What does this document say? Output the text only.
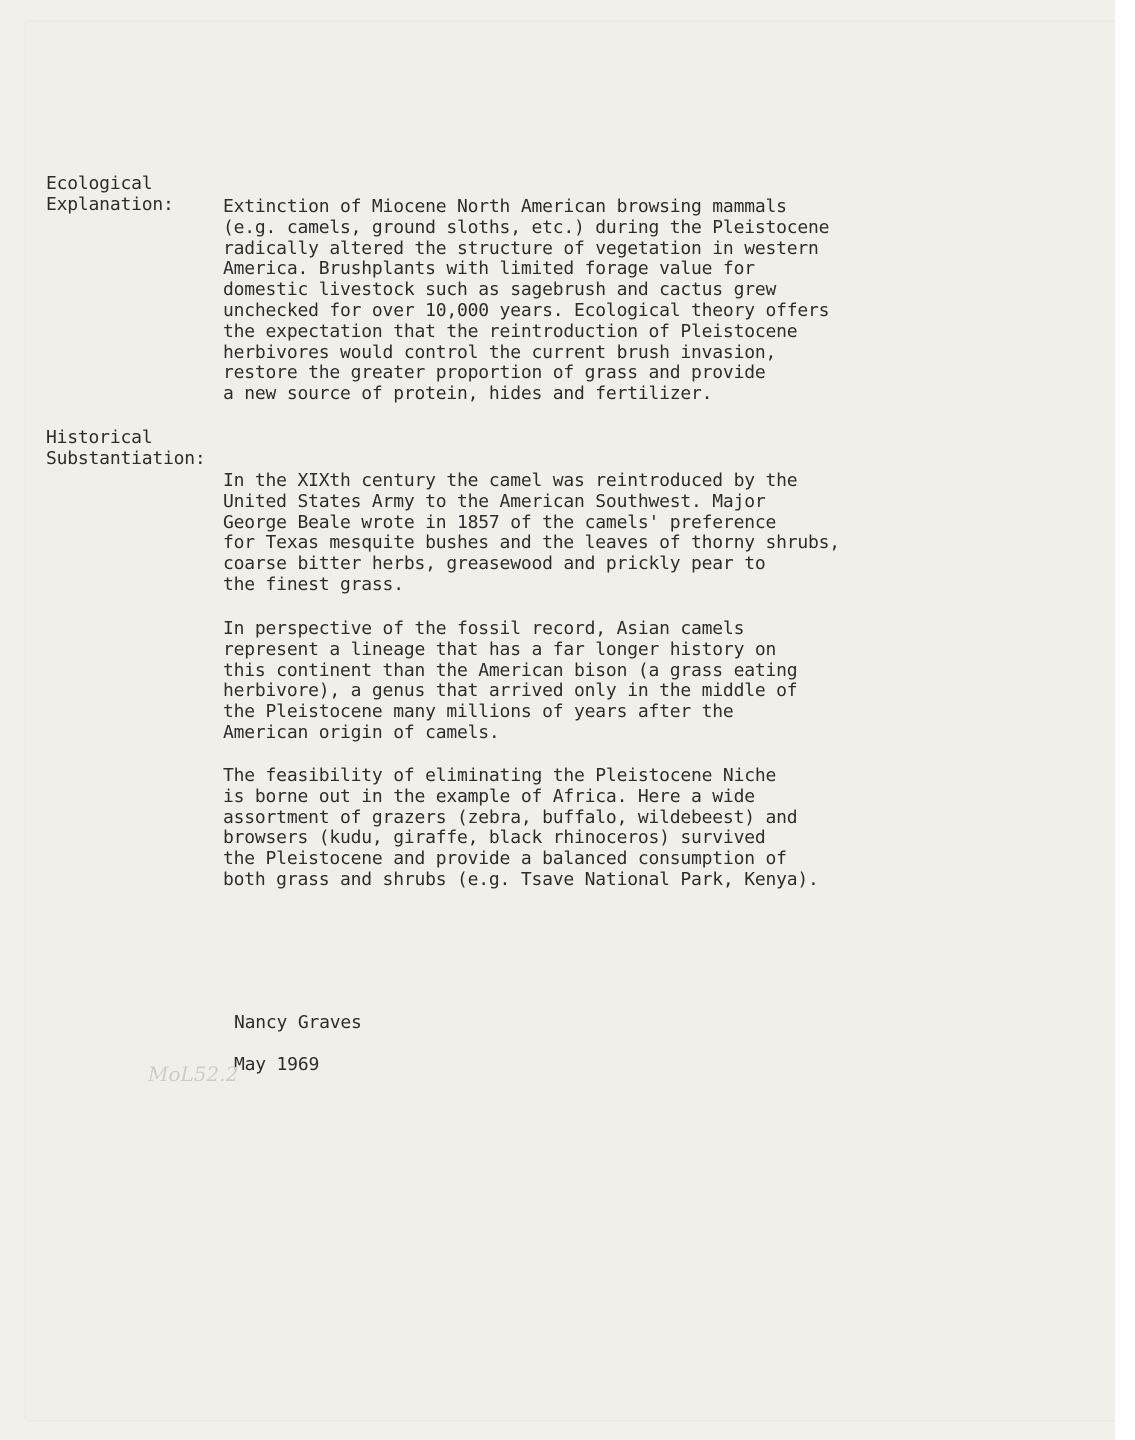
Ecological
Explanation:	Extinction of Miocene North American browsing mammals
(e.g. camels, ground sloths, etc.) during the Pleistocene
radically altered the structure of vegetation in western
America. Brushplants with limited forage value for
domestic livestock such as sagebrush and cactus grew
unchecked for over 10,000 years. Ecological theory offers
the expectation that the reintroduction of Pleistocene
herbivores would control the current brush invasion,
restore the greater proportion of grass and provide
a new source of protein, hides and fertilizer.
Historical
Substantiation:
In the XIXth century the camel was reintroduced by the
United States Army to the American Southwest. Major
George Beale wrote in 1857 of the camels' preference
for Texas mesquite bushes and the leaves of thorny shrubs,
coarse bitter herbs, greasewood and prickly pear to
the finest grass.
In perspective of the fossil record, Asian camels
represent a lineage that has a far longer history on
this continent than the American bison (a grass eating
herbivore), a genus that arrived only in the middle of
the Pleistocene many millions of years after the
American origin of camels.
The feasibility of eliminating the Pleistocene Niche
is borne out in the example of Africa. Here a wide
assortment of grazers (zebra, buffalo, wildebeest) and
browsers (kudu, giraffe, black rhinoceros) survived
the Pleistocene and provide a balanced consumption of
both grass and shrubs (e.g. Tsave National Park, Kenya).
Nancy Graves
May 1969
MoL52.2
